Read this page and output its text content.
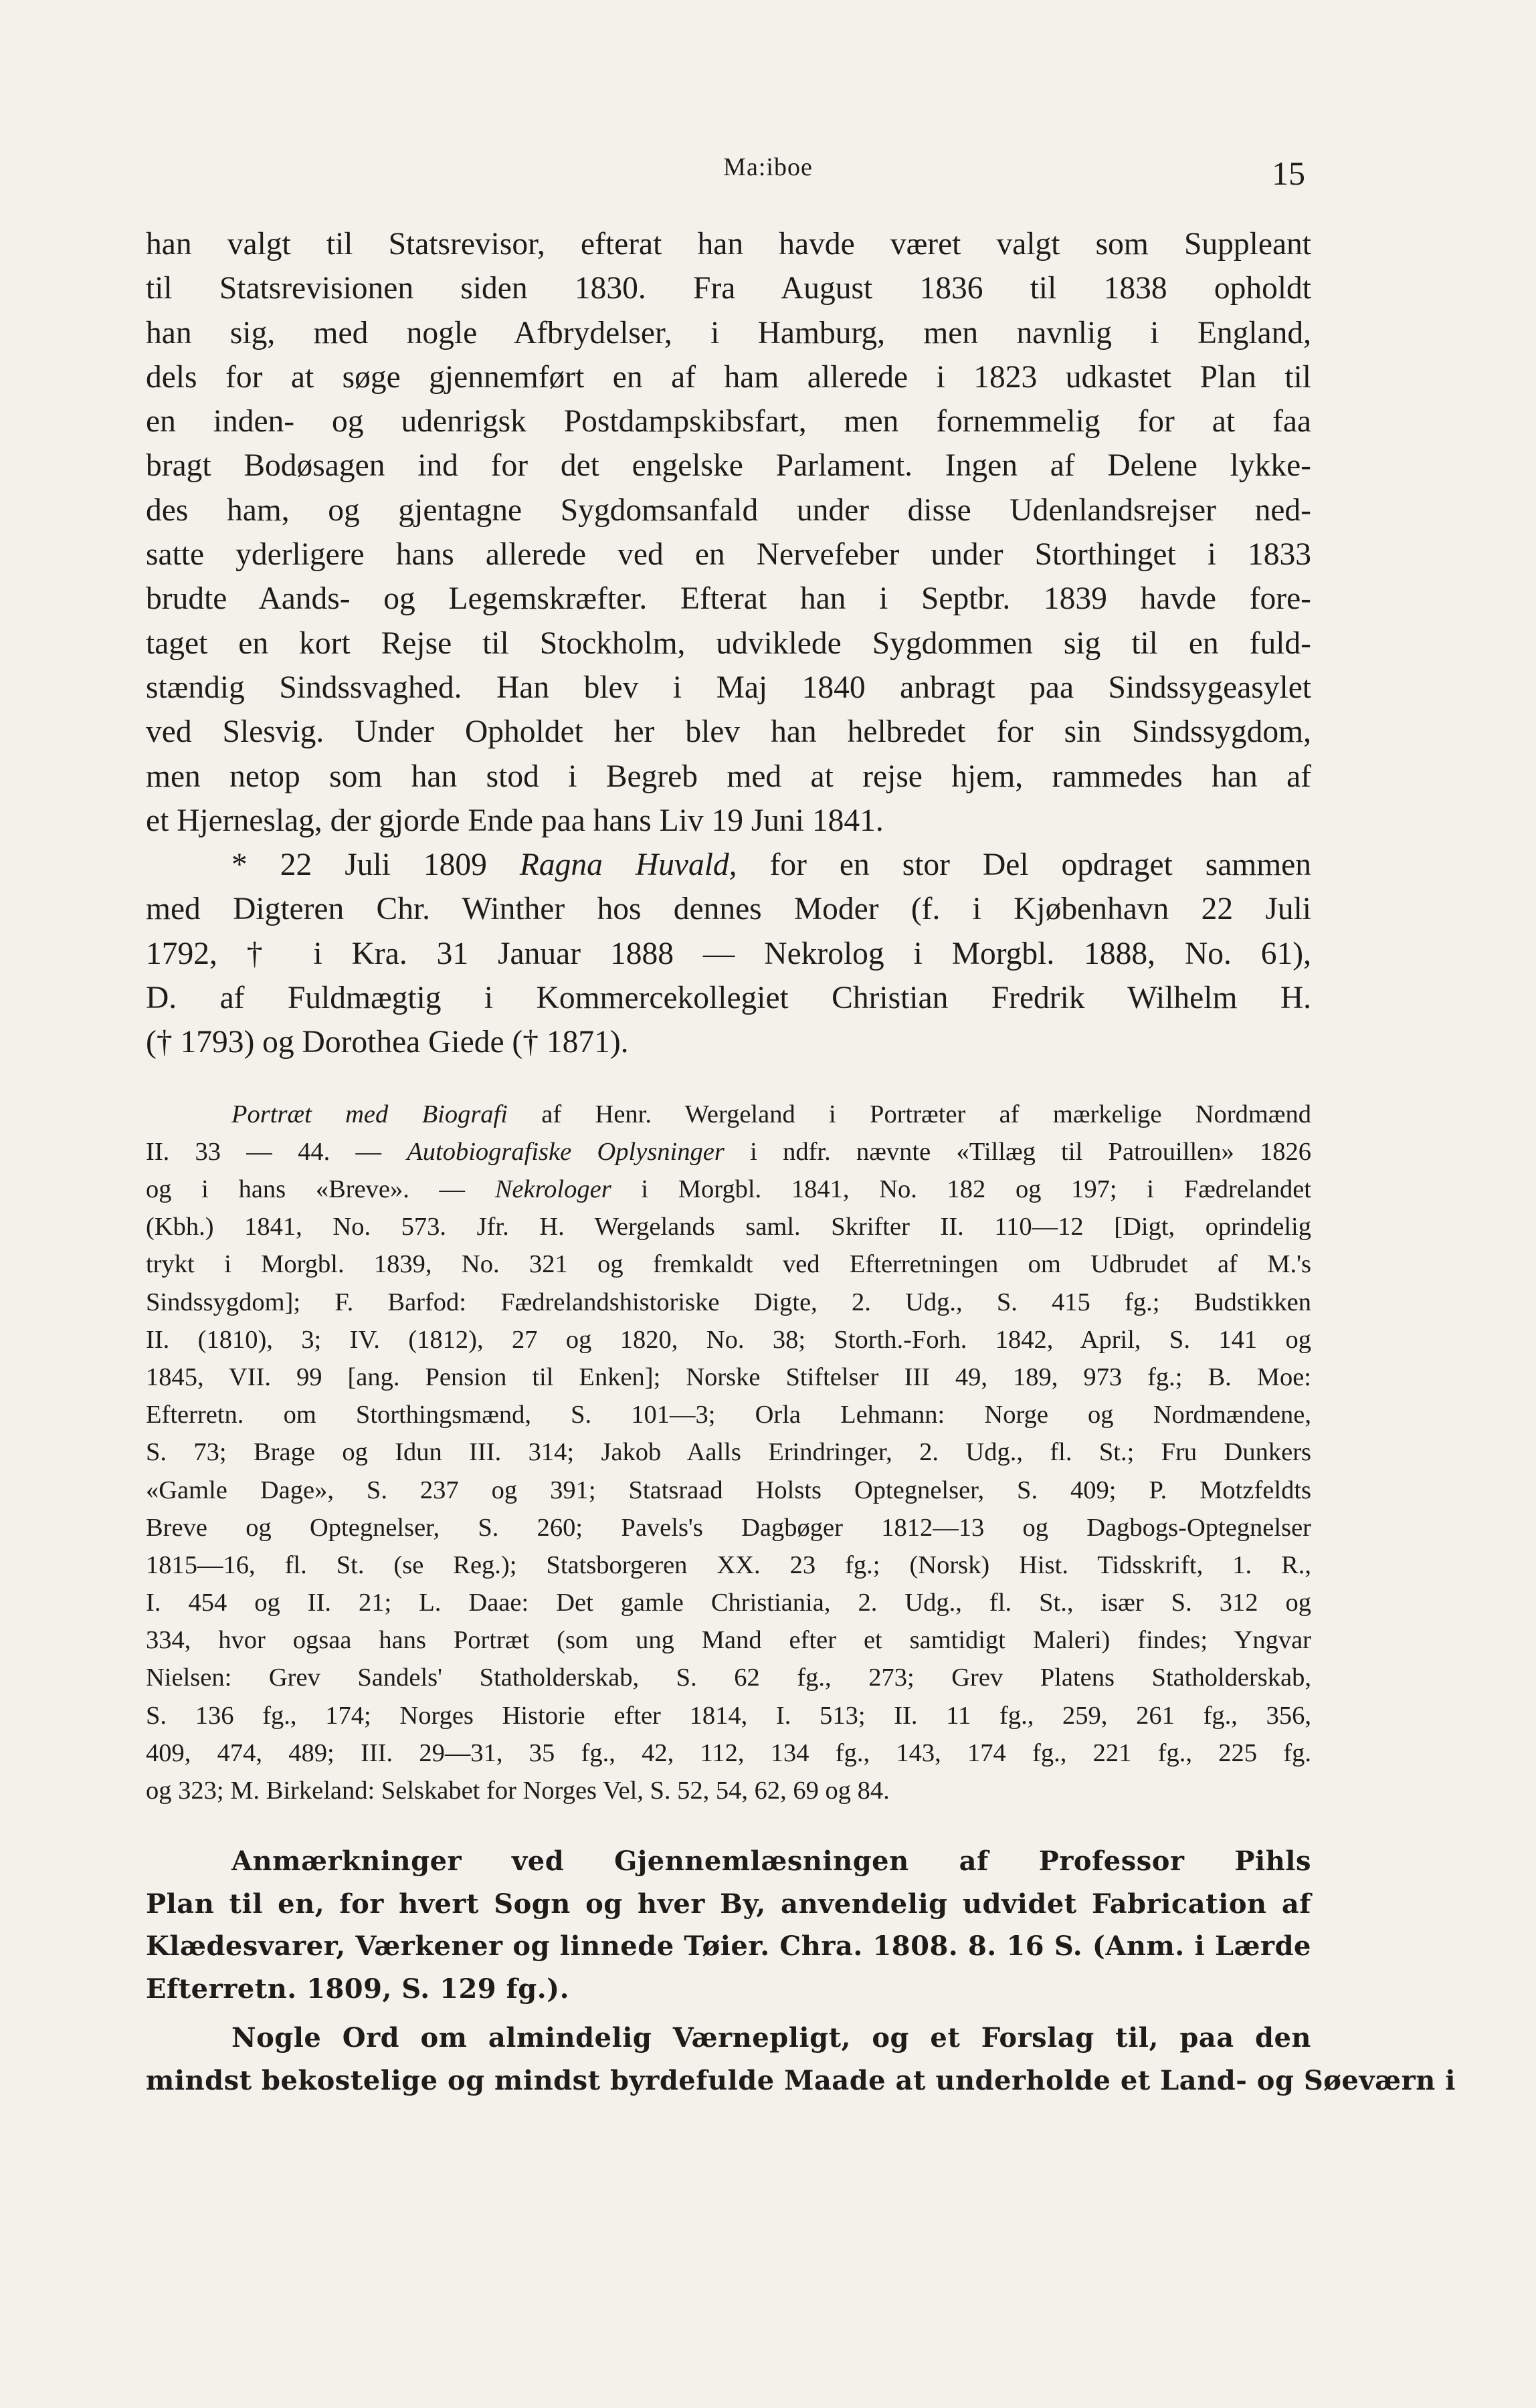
Ma:iboe	15
han valgt til Statsrevisor, efterat han havde været valgt som Suppleant
til Statsrevisionen siden 1830. Fra August 1836 til 1838 opholdt
han sig, med nogle Afbrydelser, i Hamburg, men navnlig i England,
dels for at søge gjennemført en af ham allerede i 1823 udkastet Plan til
en inden- og udenrigsk Postdampskibsfart, men fornemmelig for at faa
bragt Bodøsagen ind for det engelske Parlament. Ingen af Delene lykke-
des ham, og gjentagne Sygdomsanfald under disse Udenlandsrejser ned-
satte yderligere hans allerede ved en Nervefeber under Storthinget i 1833
brudte Aands- og Legemskræfter. Efterat han i Septbr. 1839 havde fore-
taget en kort Rejse til Stockholm, udviklede Sygdommen sig til en fuld-
stændig Sindssvaghed. Han blev i Maj 1840 anbragt paa Sindssygeasylet
ved Slesvig. Under Opholdet her blev han helbredet for sin Sindssygdom,
men netop som han stod i Begreb med at rejse hjem, rammedes han af
et Hjerneslag, der gjorde Ende paa hans Liv 19 Juni 1841.
* 22 Juli 1809 Ragna Huvald, for en stor Del opdraget sammen
med Digteren Chr. Winther hos dennes Moder (f. i Kjøbenhavn 22 Juli
1792, † i Kra. 31 Januar 1888 — Nekrolog i Morgbl. 1888, No. 61),
D. af Fuldmægtig i Kommercekollegiet Christian Fredrik Wilhelm H.
(† 1793) og Dorothea Giede († 1871).
Portræt med Biografi af Henr. Wergeland i Portræter af mærkelige Nordmænd
II. 33 — 44. — Autobiografiske Oplysninger i ndfr. nævnte «Tillæg til Patrouillen» 1826
og i hans «Breve». — Nekrologer i Morgbl. 1841, No. 182 og 197; i Fædrelandet
(Kbh.) 1841, No. 573. Jfr. H. Wergelands saml. Skrifter II. 110—12 [Digt, oprindelig
trykt i Morgbl. 1839, No. 321 og fremkaldt ved Efterretningen om Udbrudet af M.'s
Sindssygdom]; F. Barfod: Fædrelandshistoriske Digte, 2. Udg., S. 415 fg.; Budstikken
II. (1810), 3; IV. (1812), 27 og 1820, No. 38; Storth.-Forh. 1842, April, S. 141 og
1845, VII. 99 [ang. Pension til Enken]; Norske Stiftelser III 49, 189, 973 fg.; B. Moe:
Efterretn. om Storthingsmænd, S. 101—3; Orla Lehmann: Norge og Nordmændene,
S. 73; Brage og Idun III. 314; Jakob Aalls Erindringer, 2. Udg., fl. St.; Fru Dunkers
«Gamle Dage», S. 237 og 391; Statsraad Holsts Optegnelser, S. 409; P. Motzfeldts
Breve og Optegnelser, S. 260; Pavels's Dagbøger 1812—13 og Dagbogs-Optegnelser
1815—16, fl. St. (se Reg.); Statsborgeren XX. 23 fg.; (Norsk) Hist. Tidsskrift, 1. R.,
I. 454 og II. 21; L. Daae: Det gamle Christiania, 2. Udg., fl. St., især S. 312 og
334, hvor ogsaa hans Portræt (som ung Mand efter et samtidigt Maleri) findes; Yngvar
Nielsen: Grev Sandels' Statholderskab, S. 62 fg., 273; Grev Platens Statholderskab,
S. 136 fg., 174; Norges Historie efter 1814, I. 513; II. 11 fg., 259, 261 fg., 356,
409, 474, 489; III. 29—31, 35 fg., 42, 112, 134 fg., 143, 174 fg., 221 fg., 225 fg.
og 323; M. Birkeland: Selskabet for Norges Vel, S. 52, 54, 62, 69 og 84.
Anmærkninger ved Gjennemlæsningen af Professor Pihls
Plan til en, for hvert Sogn og hver By, anvendelig udvidet Fabrication af
Klædesvarer, Værkener og linnede Tøier. Chra. 1808. 8. 16 S. (Anm. i Lærde
Efterretn. 1809, S. 129 fg.).
Nogle Ord om almindelig Værnepligt, og et Forslag til, paa den
mindst bekostelige og mindst byrdefulde Maade at underholde et Land- og Søeværn i
